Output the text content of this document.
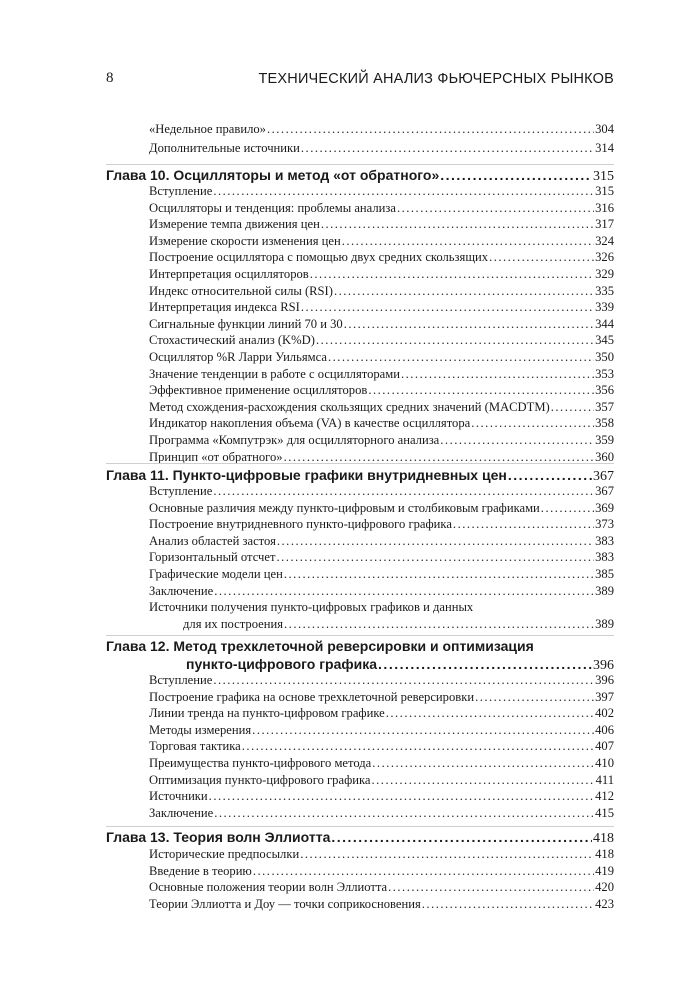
8	ТЕХНИЧЕСКИЙ АНАЛИЗ ФЬЮЧЕРСНЫХ РЫНКОВ
«Недельное правило» .....	304
Дополнительные источники .....	314
Глава 10. Осцилляторы и метод «от обратного» .....	315
Вступление .....	315
Осцилляторы и тенденция: проблемы анализа .....	316
Измерение темпа движения цен .....	317
Измерение скорости изменения цен .....	324
Построение осциллятора с помощью двух средних скользящих .....	326
Интерпретация осцилляторов .....	329
Индекс относительной силы (RSI) .....	335
Интерпретация индекса RSI .....	339
Сигнальные функции линий 70 и 30 .....	344
Стохастический анализ (K%D) .....	345
Осциллятор %R Ларри Уильямса .....	350
Значение тенденции в работе с осцилляторами .....	353
Эффективное применение осцилляторов .....	356
Метод схождения-расхождения скользящих средних значений (MACDTM) .....	357
Индикатор накопления объема (VA) в качестве осциллятора .....	358
Программа «Компутрэк» для осцилляторного анализа .....	359
Принцип «от обратного» .....	360
Глава 11. Пункто-цифровые графики внутридневных цен .....	367
Вступление .....	367
Основные различия между пункто-цифровым и столбиковым графиками .....	369
Построение внутридневного пункто-цифрового графика .....	373
Анализ областей застоя .....	383
Горизонтальный отсчет .....	383
Графические модели цен .....	385
Заключение .....	389
Источники получения пункто-цифровых графиков и данных
для их построения .....	389
Глава 12. Метод трехклеточной реверсировки и оптимизация
пункто-цифрового графика .....	396
Вступление .....	396
Построение графика на основе трехклеточной реверсировки .....	397
Линии тренда на пункто-цифровом графике .....	402
Методы измерения .....	406
Торговая тактика .....	407
Преимущества пункто-цифрового метода .....	410
Оптимизация пункто-цифрового графика .....	411
Источники .....	412
Заключение .....	415
Глава 13. Теория волн Эллиотта .....	418
Исторические предпосылки .....	418
Введение в теорию .....	419
Основные положения теории волн Эллиотта .....	420
Теории Эллиотта и Доу — точки соприкосновения .....	423
